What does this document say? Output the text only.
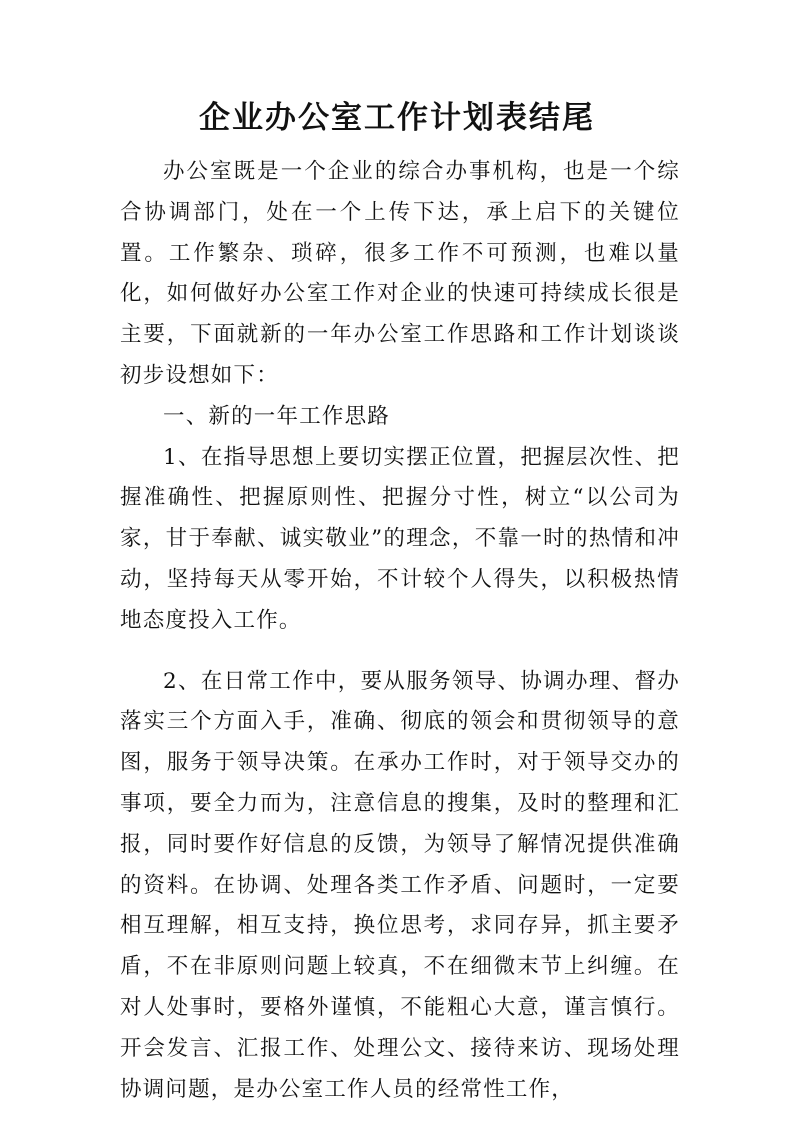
企业办公室工作计划表结尾

办公室既是一个企业的综合办事机构，也是一个综合协调部门，处在一个上传下达，承上启下的关键位置。工作繁杂、琐碎，很多工作不可预测，也难以量化，如何做好办公室工作对企业的快速可持续成长很是主要，下面就新的一年办公室工作思路和工作计划谈谈初步设想如下：

一、新的一年工作思路

1、在指导思想上要切实摆正位置，把握层次性、把握准确性、把握原则性、把握分寸性，树立“以公司为家，甘于奉献、诚实敬业”的理念，不靠一时的热情和冲动，坚持每天从零开始，不计较个人得失，以积极热情地态度投入工作。

2、在日常工作中，要从服务领导、协调办理、督办落实三个方面入手，准确、彻底的领会和贯彻领导的意图，服务于领导决策。在承办工作时，对于领导交办的事项，要全力而为，注意信息的搜集，及时的整理和汇报，同时要作好信息的反馈，为领导了解情况提供准确的资料。在协调、处理各类工作矛盾、问题时，一定要相互理解，相互支持，换位思考，求同存异，抓主要矛盾，不在非原则问题上较真，不在细微末节上纠缠。在对人处事时，要格外谨慎，不能粗心大意，谨言慎行。开会发言、汇报工作、处理公文、接待来访、现场处理协调问题，是办公室工作人员的经常性工作，
